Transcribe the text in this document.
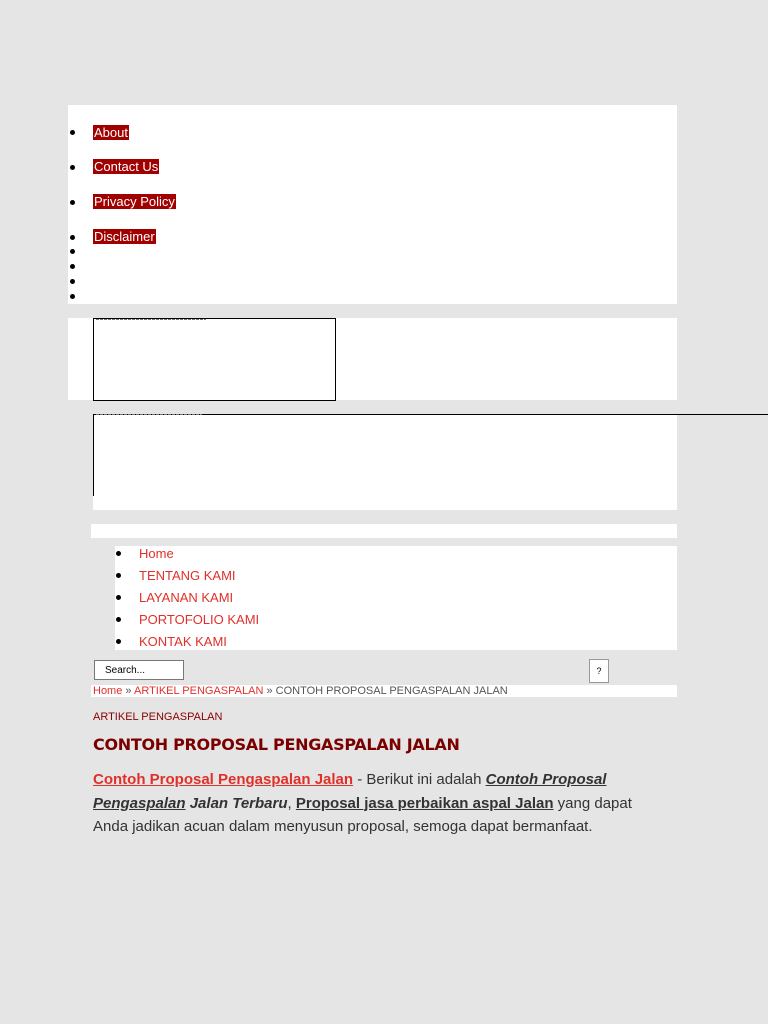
About
Contact Us
Privacy Policy
Disclaimer
Home
TENTANG KAMI
LAYANAN KAMI
PORTOFOLIO KAMI
KONTAK KAMI
Search...
?
Home » ARTIKEL PENGASPALAN » CONTOH PROPOSAL PENGASPALAN JALAN
ARTIKEL PENGASPALAN
CONTOH PROPOSAL PENGASPALAN JALAN

Contoh Proposal Pengaspalan Jalan - Berikut ini adalah Contoh Proposal Pengaspalan Jalan Terbaru, Proposal jasa perbaikan aspal Jalan yang dapat Anda jadikan acuan dalam menyusun proposal, semoga dapat bermanfaat.
